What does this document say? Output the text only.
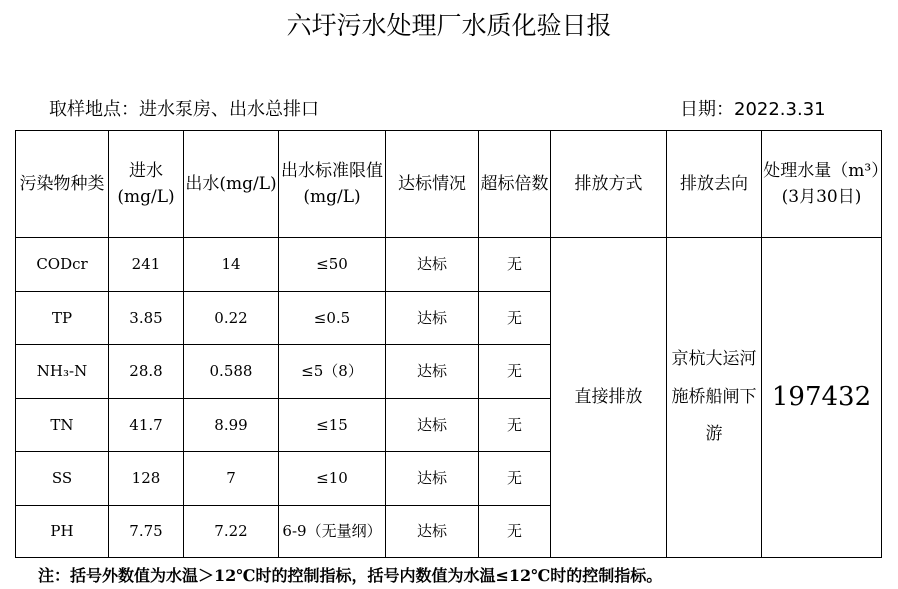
六圩污水处理厂水质化验日报
取样地点：进水泵房、出水总排口	日期：2022.3.31
污染物种类	进水(mg/L)	出水(mg/L)	出水标准限值(mg/L)	达标情况	超标倍数	排放方式	排放去向	处理水量（m³）(3月30日)
CODcr	241	14	≤50	达标	无	直接排放	京杭大运河施桥船闸下游	197432
TP	3.85	0.22	≤0.5	达标	无			
NH₃-N	28.8	0.588	≤5（8）	达标	无			
TN	41.7	8.99	≤15	达标	无			
SS	128	7	≤10	达标	无			
PH	7.75	7.22	6-9（无量纲）	达标	无			
注：括号外数值为水温＞12℃时的控制指标，括号内数值为水温≤12℃时的控制指标。
